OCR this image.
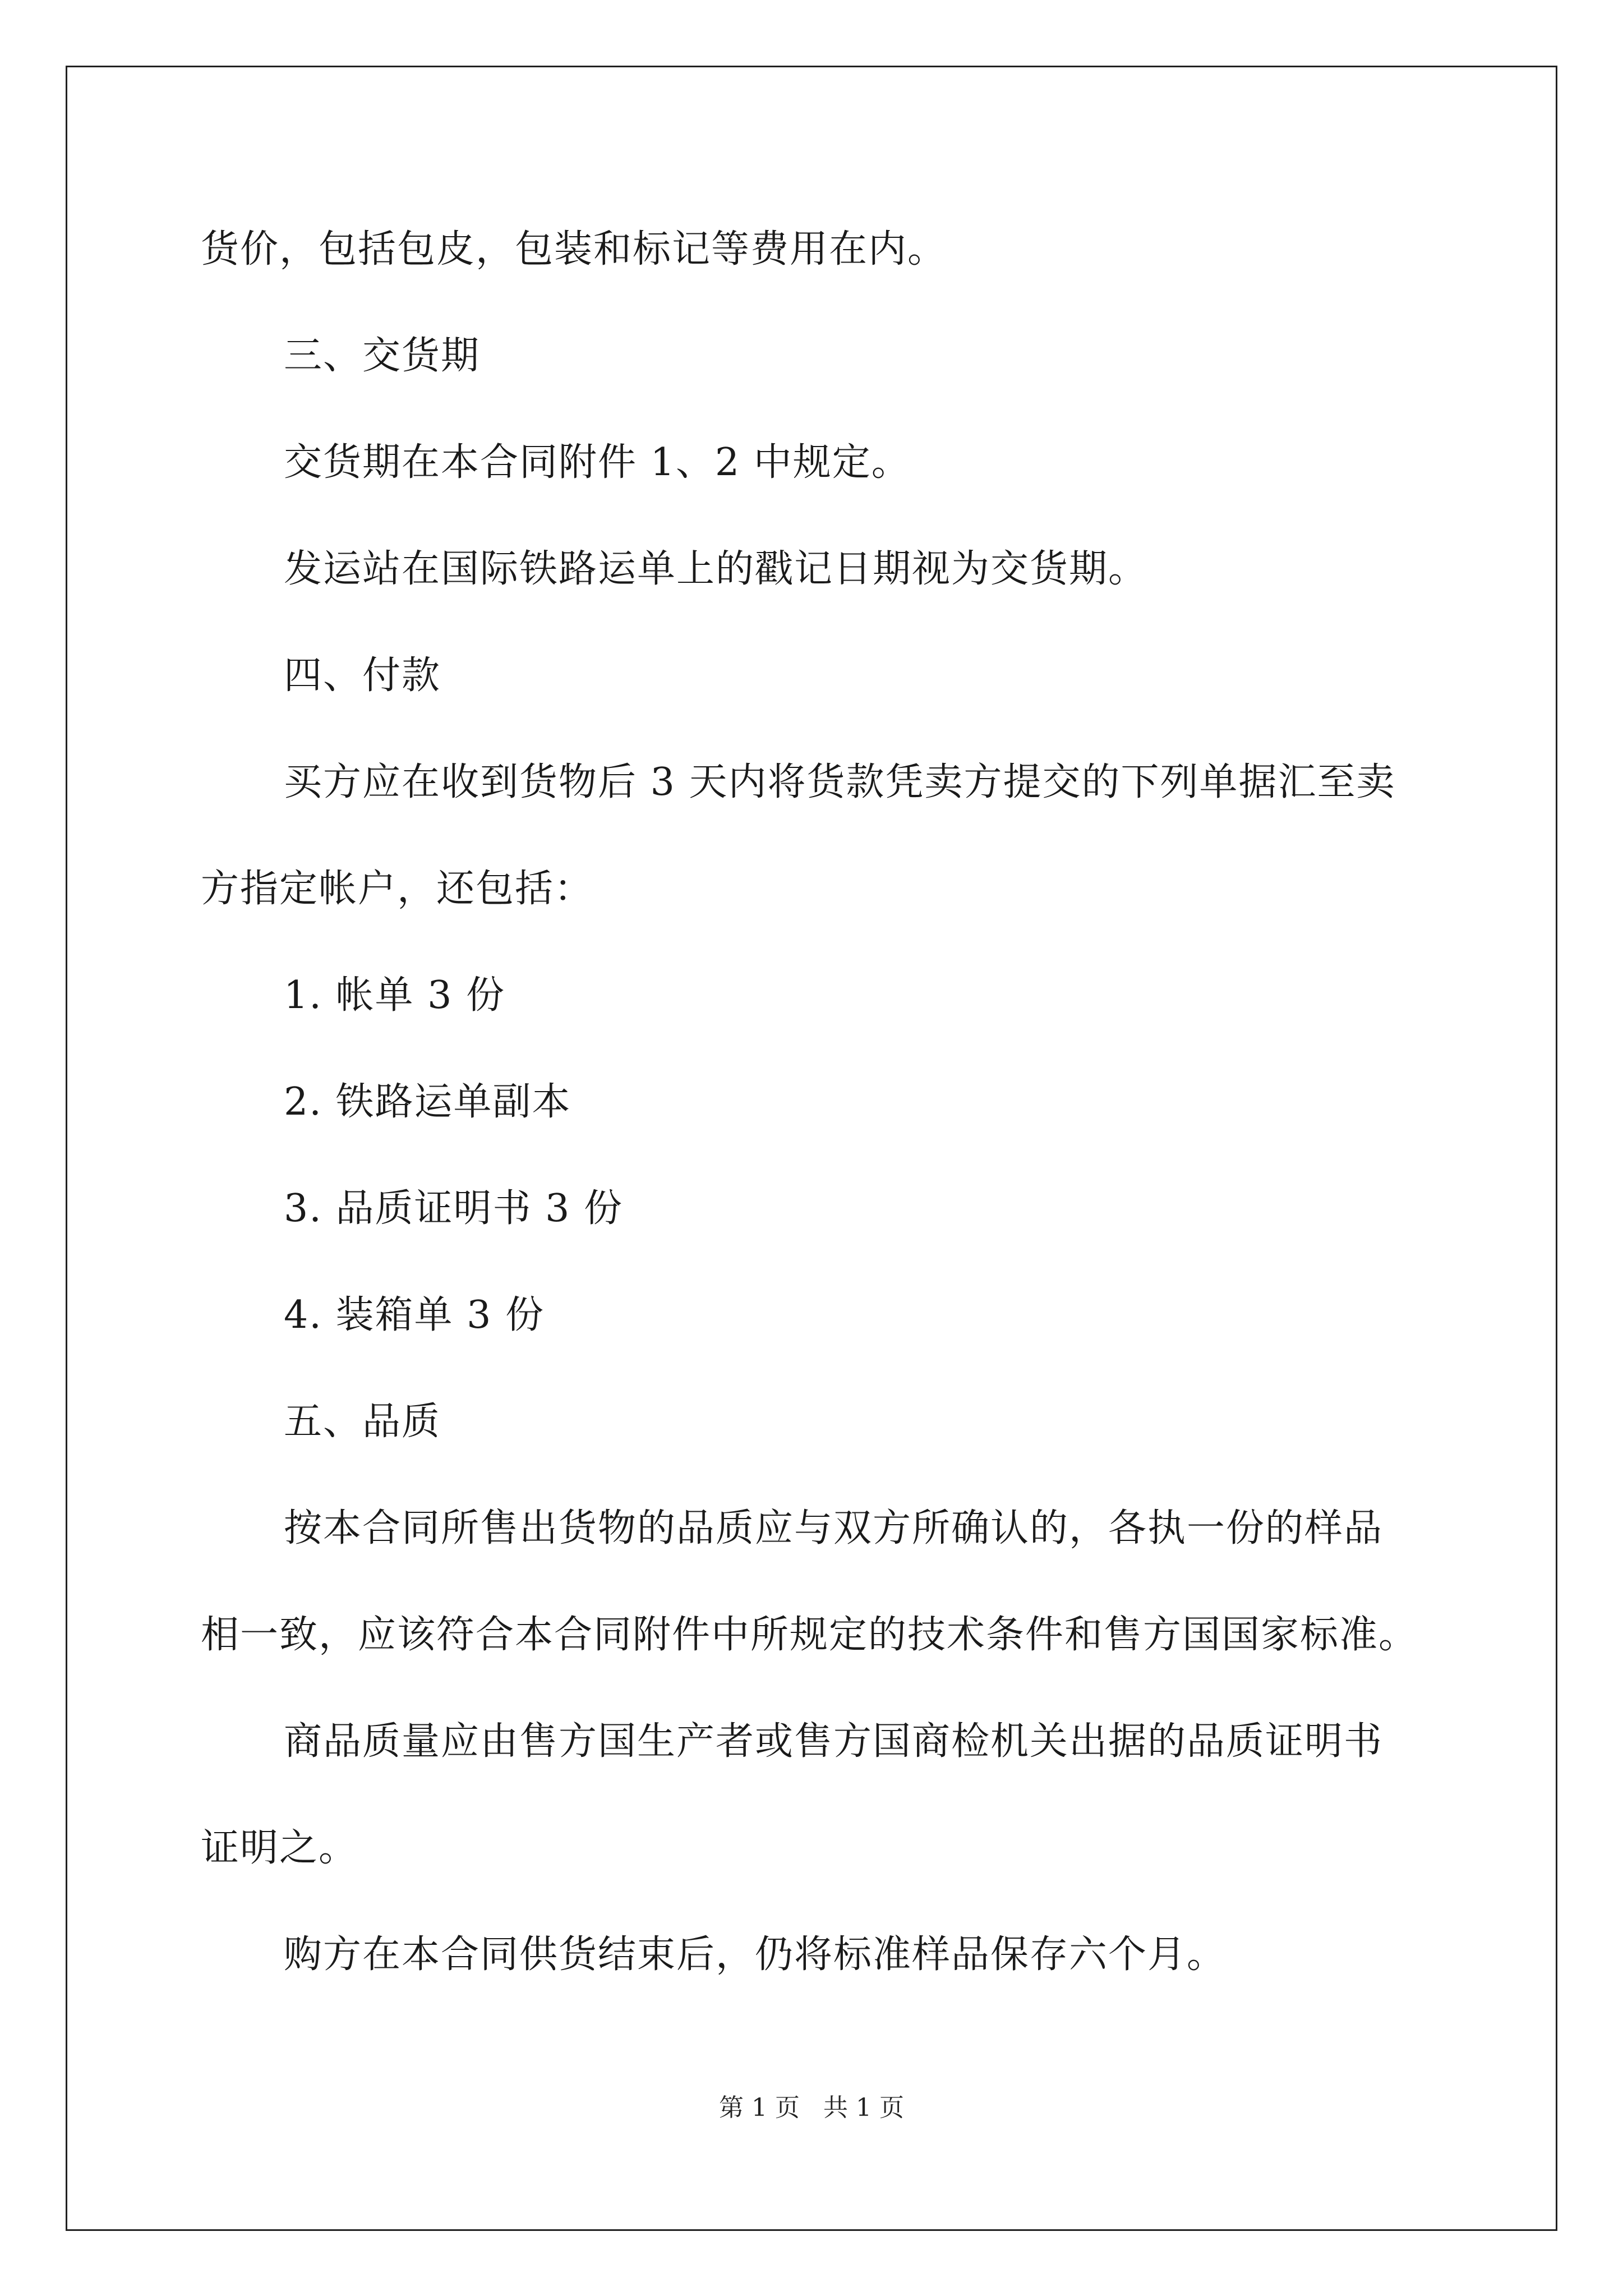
货价，包括包皮，包装和标记等费用在内。
三、交货期
交货期在本合同附件 1、2 中规定。
发运站在国际铁路运单上的戳记日期视为交货期。
四、付款
买方应在收到货物后 3 天内将货款凭卖方提交的下列单据汇至卖
方指定帐户，还包括：
1. 帐单 3 份
2. 铁路运单副本
3. 品质证明书 3 份
4. 装箱单 3 份
五、品质
按本合同所售出货物的品质应与双方所确认的，各执一份的样品
相一致，应该符合本合同附件中所规定的技术条件和售方国国家标准。
商品质量应由售方国生产者或售方国商检机关出据的品质证明书
证明之。
购方在本合同供货结束后，仍将标准样品保存六个月。
第 1 页 共 1 页
